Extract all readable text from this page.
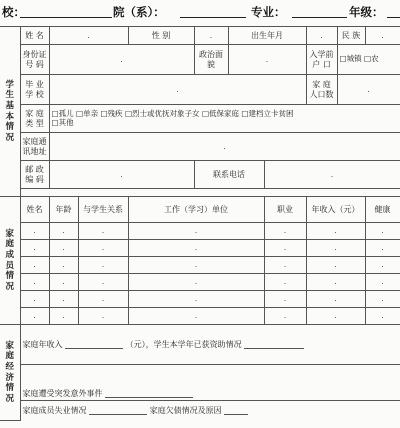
校：	院（系）：	专业：	年级：
学生基本情况	姓 名	.		性 别	.	出生年月		.	民 族	.
	身份证号 码	.			政治面貌	.		入学前户 口	□城镇 □农	
	毕 业学 校	.						家 庭人口数	.	
	家 庭类 型	□孤儿 □单亲 □残疾 □烈士或优抚对象子女 □低保家庭 □建档立卡贫困
□其他								
	家庭通讯地址	.								
	邮 政编 码	.			联系电话		.			

家庭成员情况	姓名	年龄	与学生关系	工作（学习）单位			职业	年收入（元）		健康
	.	.	.	.			.	.		.
	.	.	.	.			.	.		.
	.	.	.	.			.	.		.
	.	.	.	.			.	.		.
	.	.	.	.			.	.		.
	.	.	.	.			.	.		.

家庭经济情况	家庭年收入 （元），学生本学年已获资助情况									
	家庭遭受突发意外事件									
	家庭成员失业情况 家庭欠债情况及原因									
